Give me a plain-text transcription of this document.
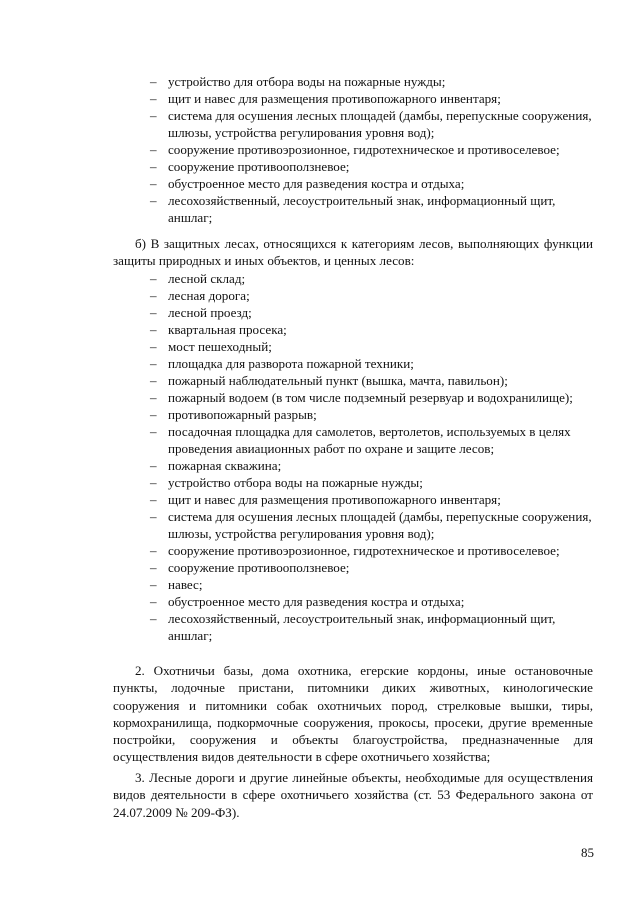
– устройство для отбора воды на пожарные нужды;
– щит и навес для размещения противопожарного инвентаря;
– система для осушения лесных площадей (дамбы, перепускные сооружения, шлюзы, устройства регулирования уровня вод);
– сооружение противоэрозионное, гидротехническое и противоселевое;
– сооружение противооползневое;
– обустроенное место для разведения костра и отдыха;
– лесохозяйственный, лесоустроительный знак, информационный щит, аншлаг;

б) В защитных лесах, относящихся к категориям лесов, выполняющих функции защиты природных и иных объектов, и ценных лесов:

– лесной склад;
– лесная дорога;
– лесной проезд;
– квартальная просека;
– мост пешеходный;
– площадка для разворота пожарной техники;
– пожарный наблюдательный пункт (вышка, мачта, павильон);
– пожарный водоем (в том числе подземный резервуар и водохранилище);
– противопожарный разрыв;
– посадочная площадка для самолетов, вертолетов, используемых в целях проведения авиационных работ по охране и защите лесов;
– пожарная скважина;
– устройство отбора воды на пожарные нужды;
– щит и навес для размещения противопожарного инвентаря;
– система для осушения лесных площадей (дамбы, перепускные сооружения, шлюзы, устройства регулирования уровня вод);
– сооружение противоэрозионное, гидротехническое и противоселевое;
– сооружение противооползневое;
– навес;
– обустроенное место для разведения костра и отдыха;
– лесохозяйственный, лесоустроительный знак, информационный щит, аншлаг;

2. Охотничьи базы, дома охотника, егерские кордоны, иные остановочные пункты, лодочные пристани, питомники диких животных, кинологические сооружения и питомники собак охотничьих пород, стрелковые вышки, тиры, кормохранилища, подкормочные сооружения, прокосы, просеки, другие временные постройки, сооружения и объекты благоустройства, предназначенные для осуществления видов деятельности в сфере охотничьего хозяйства;

3. Лесные дороги и другие линейные объекты, необходимые для осуществления видов деятельности в сфере охотничьего хозяйства (ст. 53 Федерального закона от 24.07.2009 № 209-ФЗ).

85
